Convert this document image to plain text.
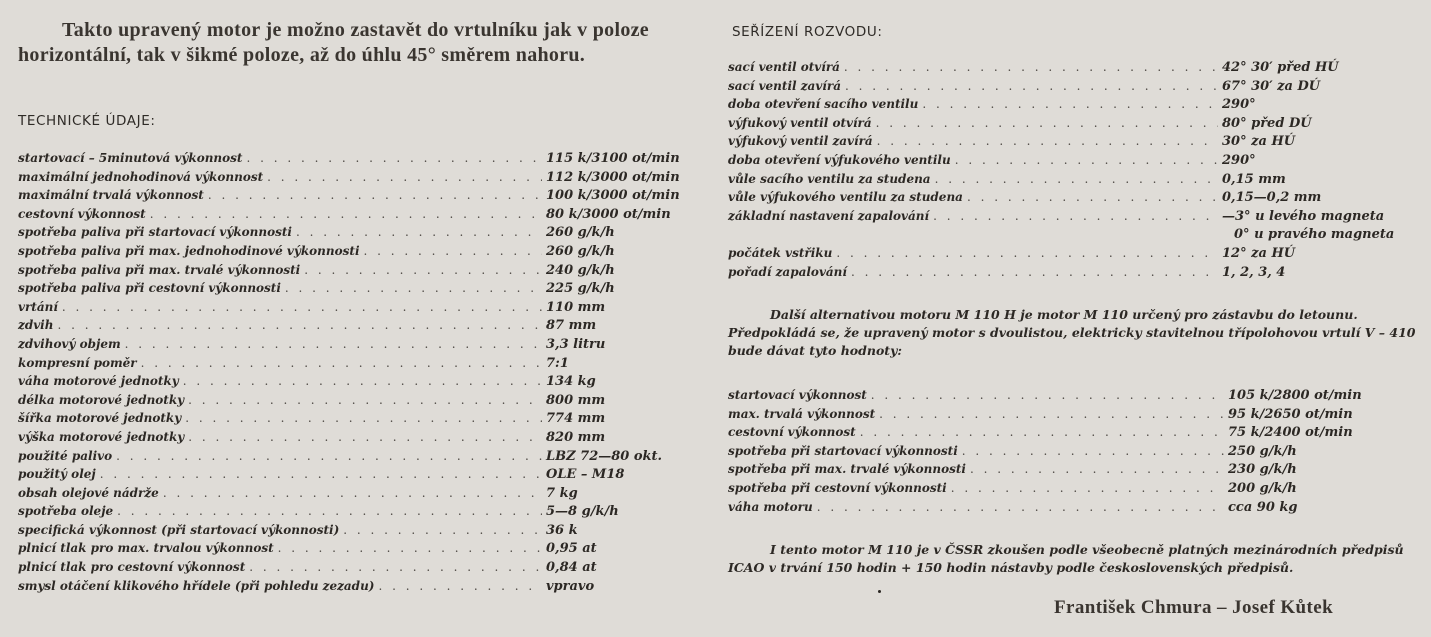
Takto upravený motor je možno zastavět do vrtulníku jak v poloze horizontální, tak v šikmé poloze, až do úhlu 45° směrem nahoru.
TECHNICKÉ ÚDAJE:
startovací – 5minutová výkonnost . . .	115 k/3100 ot/min
maximální jednohodinová výkonnost . . .	112 k/3000 ot/min
maximální trvalá výkonnost . . .	100 k/3000 ot/min
cestovní výkonnost . . .	80 k/3000 ot/min
spotřeba paliva při startovací výkonnosti . . .	260 g/k/h
spotřeba paliva při max. jednohodinové výkonnosti . . .	260 g/k/h
spotřeba paliva při max. trvalé výkonnosti . . .	240 g/k/h
spotřeba paliva při cestovní výkonnosti . . .	225 g/k/h
vrtání . . .	110 mm
zdvih . . .	87 mm
zdvihový objem . . .	3,3 litru
kompresní poměr . . .	7:1
váha motorové jednotky . . .	134 kg
délka motorové jednotky . . .	800 mm
šířka motorové jednotky . . .	774 mm
výška motorové jednotky . . .	820 mm
použité palivo . . .	LBZ 72—80 okt.
použitý olej . . .	OLE – M18
obsah olejové nádrže . . .	7 kg
spotřeba oleje . . .	5—8 g/k/h
specifická výkonnost (při startovací výkonnosti) . . .	36 k
plnicí tlak pro max. trvalou výkonnost . . .	0,95 at
plnicí tlak pro cestovní výkonnost . . .	0,84 at
smysl otáčení klikového hřídele (při pohledu zezadu) . . .	vpravo
SEŘÍZENÍ ROZVODU:
sací ventil otvírá . . .	42° 30′ před HÚ
sací ventil zavírá . . .	67° 30′ za DÚ
doba otevření sacího ventilu . . .	290°
výfukový ventil otvírá . . .	80° před DÚ
výfukový ventil zavírá . . .	30° za HÚ
doba otevření výfukového ventilu . . .	290°
vůle sacího ventilu za studena . . .	0,15 mm
vůle výfukového ventilu za studena . . .	0,15—0,2 mm
základní nastavení zapalování . . .	—3° u levého magneta
0° u pravého magneta
počátek vstřiku . . .	12° za HÚ
pořadí zapalování . . .	1, 2, 3, 4
Další alternativou motoru M 110 H je motor M 110 určený pro zástavbu do letounu. Předpokládá se, že upravený motor s dvoulistou, elektricky stavitelnou třípolohovou vrtulí V – 410 bude dávat tyto hodnoty:
startovací výkonnost . . .	105 k/2800 ot/min
max. trvalá výkonnost . . .	95 k/2650 ot/min
cestovní výkonnost . . .	75 k/2400 ot/min
spotřeba při startovací výkonnosti . . .	250 g/k/h
spotřeba při max. trvalé výkonnosti . . .	230 g/k/h
spotřeba při cestovní výkonnosti . . .	200 g/k/h
váha motoru . . .	cca 90 kg
I tento motor M 110 je v ČSSR zkoušen podle všeobecně platných mezinárodních předpisů ICAO v trvání 150 hodin + 150 hodin nástavby podle československých předpisů.
František Chmura – Josef Kůtek
